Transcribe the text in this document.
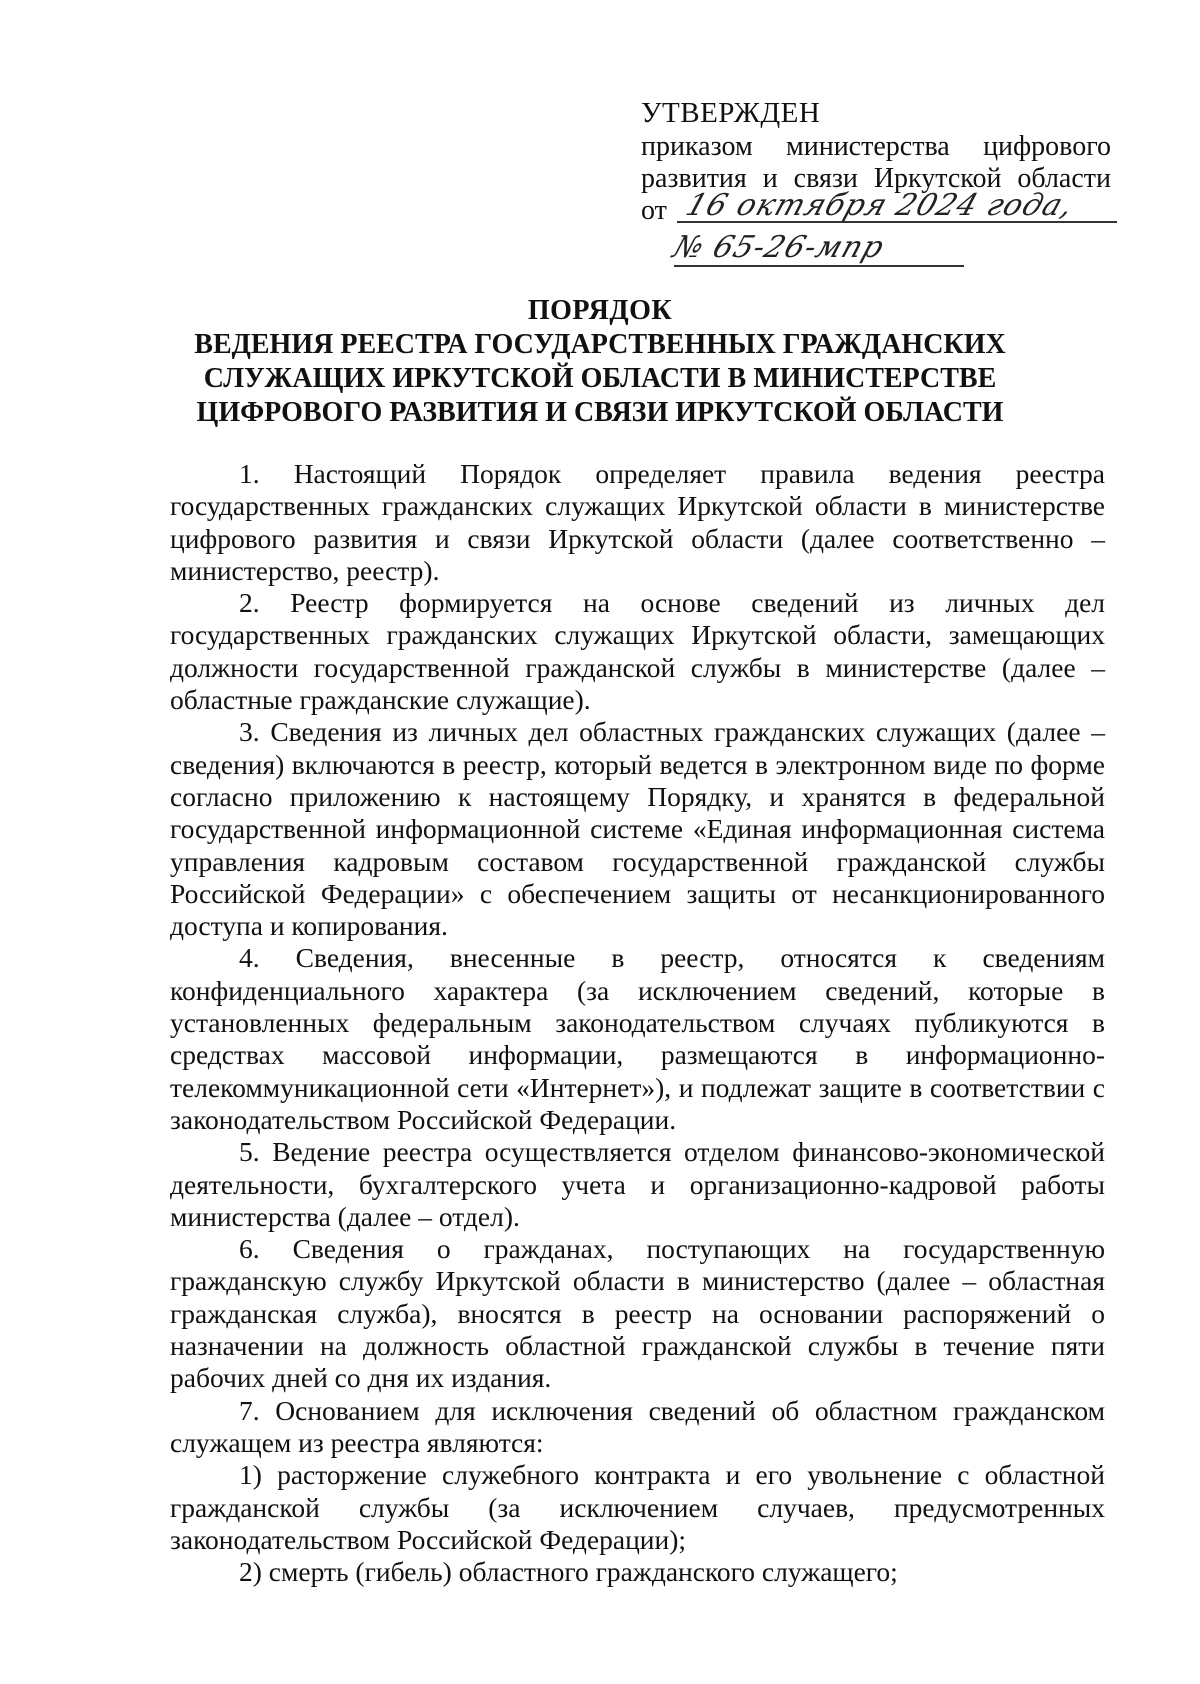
УТВЕРЖДЕН
приказом министерства цифрового
развития и связи Иркутской области
от 16 октября 2024 года,
№ 65-26-мпр
ПОРЯДОК
ВЕДЕНИЯ РЕЕСТРА ГОСУДАРСТВЕННЫХ ГРАЖДАНСКИХ
СЛУЖАЩИХ ИРКУТСКОЙ ОБЛАСТИ В МИНИСТЕРСТВЕ
ЦИФРОВОГО РАЗВИТИЯ И СВЯЗИ ИРКУТСКОЙ ОБЛАСТИ

1. Настоящий Порядок определяет правила ведения реестра государственных гражданских служащих Иркутской области в министерстве цифрового развития и связи Иркутской области (далее соответственно – министерство, реестр).

2. Реестр формируется на основе сведений из личных дел государственных гражданских служащих Иркутской области, замещающих должности государственной гражданской службы в министерстве (далее – областные гражданские служащие).

3. Сведения из личных дел областных гражданских служащих (далее – сведения) включаются в реестр, который ведется в электронном виде по форме согласно приложению к настоящему Порядку, и хранятся в федеральной государственной информационной системе «Единая информационная система управления кадровым составом государственной гражданской службы Российской Федерации» с обеспечением защиты от несанкционированного доступа и копирования.

4. Сведения, внесенные в реестр, относятся к сведениям конфиденциального характера (за исключением сведений, которые в установленных федеральным законодательством случаях публикуются в средствах массовой информации, размещаются в информационно-телекоммуникационной сети «Интернет»), и подлежат защите в соответствии с законодательством Российской Федерации.

5. Ведение реестра осуществляется отделом финансово-экономической деятельности, бухгалтерского учета и организационно-кадровой работы министерства (далее – отдел).

6. Сведения о гражданах, поступающих на государственную гражданскую службу Иркутской области в министерство (далее – областная гражданская служба), вносятся в реестр на основании распоряжений о назначении на должность областной гражданской службы в течение пяти рабочих дней со дня их издания.

7. Основанием для исключения сведений об областном гражданском служащем из реестра являются:

1) расторжение служебного контракта и его увольнение с областной гражданской службы (за исключением случаев, предусмотренных законодательством Российской Федерации);

2) смерть (гибель) областного гражданского служащего;
